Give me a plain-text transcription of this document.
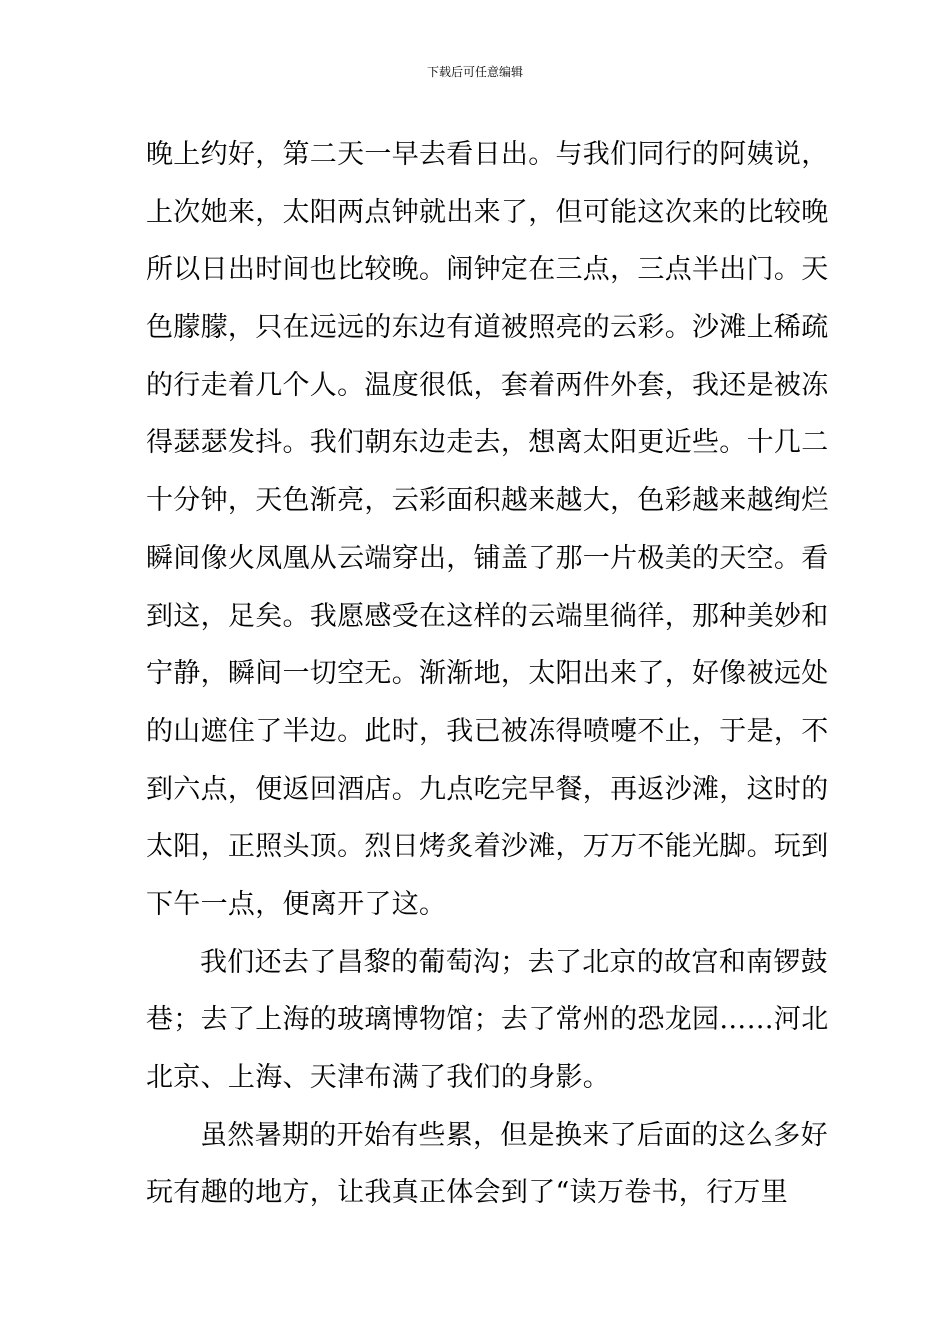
下载后可任意编辑
晚上约好，第二天一早去看日出。与我们同行的阿姨说，
上次她来，太阳两点钟就出来了，但可能这次来的比较晚
所以日出时间也比较晚。闹钟定在三点，三点半出门。天
色朦朦，只在远远的东边有道被照亮的云彩。沙滩上稀疏
的行走着几个人。温度很低，套着两件外套，我还是被冻
得瑟瑟发抖。我们朝东边走去，想离太阳更近些。十几二
十分钟，天色渐亮，云彩面积越来越大，色彩越来越绚烂
瞬间像火凤凰从云端穿出，铺盖了那一片极美的天空。看
到这，足矣。我愿感受在这样的云端里徜徉，那种美妙和
宁静，瞬间一切空无。渐渐地，太阳出来了，好像被远处
的山遮住了半边。此时，我已被冻得喷嚏不止，于是，不
到六点，便返回酒店。九点吃完早餐，再返沙滩，这时的
太阳，正照头顶。烈日烤炙着沙滩，万万不能光脚。玩到
下午一点，便离开了这。
我们还去了昌黎的葡萄沟；去了北京的故宫和南锣鼓
巷；去了上海的玻璃博物馆；去了常州的恐龙园……河北
北京、上海、天津布满了我们的身影。
虽然暑期的开始有些累，但是换来了后面的这么多好
玩有趣的地方，让我真正体会到了“读万卷书，行万里
